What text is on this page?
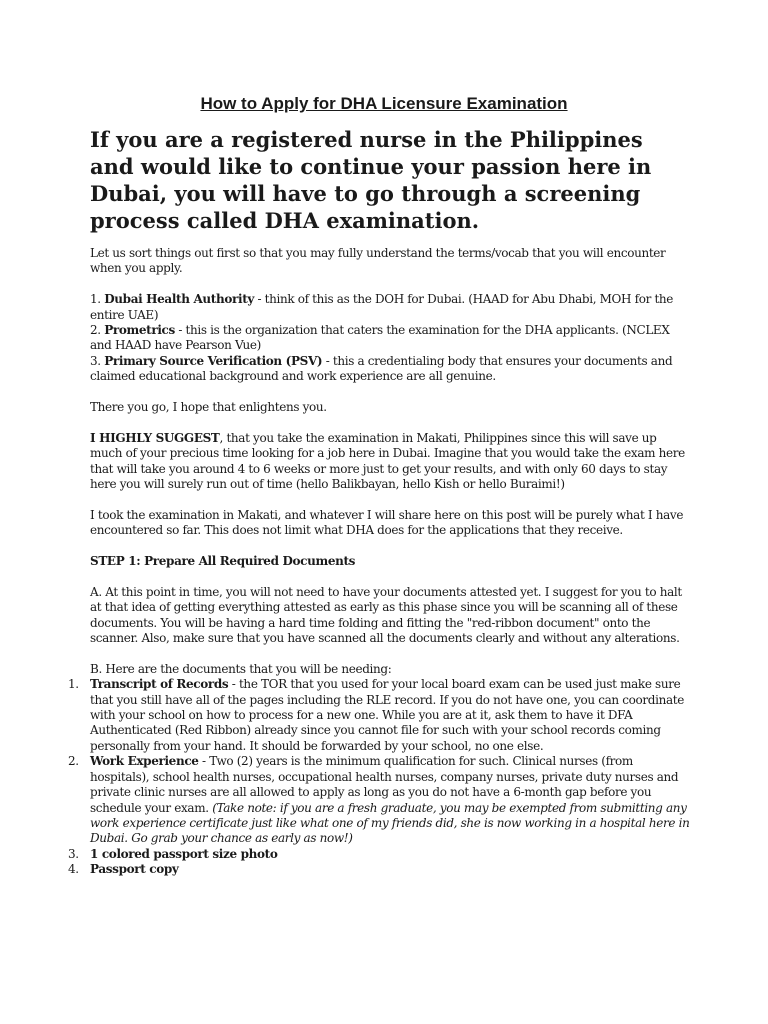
How to Apply for DHA Licensure Examination
If you are a registered nurse in the Philippines and would like to continue your passion here in Dubai, you will have to go through a screening process called DHA examination.

Let us sort things out first so that you may fully understand the terms/vocab that you will encounter when you apply.

1. Dubai Health Authority - think of this as the DOH for Dubai. (HAAD for Abu Dhabi, MOH for the entire UAE)

2. Prometrics - this is the organization that caters the examination for the DHA applicants. (NCLEX and HAAD have Pearson Vue)

3. Primary Source Verification (PSV) - this a credentialing body that ensures your documents and claimed educational background and work experience are all genuine.

There you go, I hope that enlightens you.

I HIGHLY SUGGEST, that you take the examination in Makati, Philippines since this will save up much of your precious time looking for a job here in Dubai. Imagine that you would take the exam here that will take you around 4 to 6 weeks or more just to get your results, and with only 60 days to stay here you will surely run out of time (hello Balikbayan, hello Kish or hello Buraimi!)

I took the examination in Makati, and whatever I will share here on this post will be purely what I have encountered so far. This does not limit what DHA does for the applications that they receive.

STEP 1: Prepare All Required Documents

A. At this point in time, you will not need to have your documents attested yet. I suggest for you to halt at that idea of getting everything attested as early as this phase since you will be scanning all of these documents. You will be having a hard time folding and fitting the "red-ribbon document" onto the scanner. Also, make sure that you have scanned all the documents clearly and without any alterations.

B. Here are the documents that you will be needing:

1. Transcript of Records - the TOR that you used for your local board exam can be used just make sure that you still have all of the pages including the RLE record. If you do not have one, you can coordinate with your school on how to process for a new one. While you are at it, ask them to have it DFA Authenticated (Red Ribbon) already since you cannot file for such with your school records coming personally from your hand. It should be forwarded by your school, no one else.
2. Work Experience - Two (2) years is the minimum qualification for such. Clinical nurses (from hospitals), school health nurses, occupational health nurses, company nurses, private duty nurses and private clinic nurses are all allowed to apply as long as you do not have a 6-month gap before you schedule your exam. (Take note: if you are a fresh graduate, you may be exempted from submitting any work experience certificate just like what one of my friends did, she is now working in a hospital here in Dubai. Go grab your chance as early as now!)
3. 1 colored passport size photo
4. Passport copy
